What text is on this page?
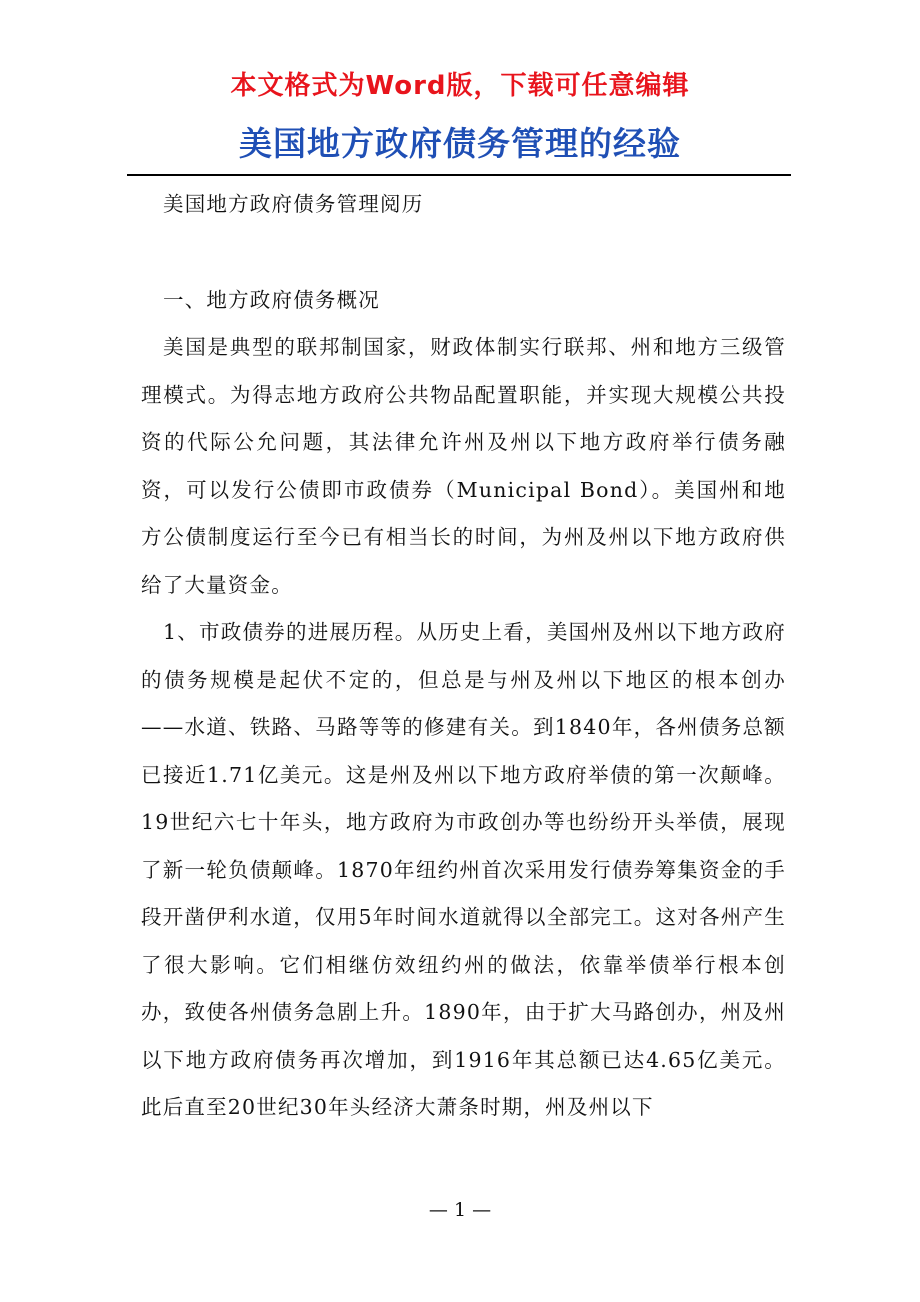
本文格式为Word版，下载可任意编辑
美国地方政府债务管理的经验

美国地方政府债务管理阅历

一、地方政府债务概况

美国是典型的联邦制国家，财政体制实行联邦、州和地方三级管理模式。为得志地方政府公共物品配置职能，并实现大规模公共投资的代际公允问题，其法律允许州及州以下地方政府举行债务融资，可以发行公债即市政债券（Municipal Bond）。美国州和地方公债制度运行至今已有相当长的时间，为州及州以下地方政府供给了大量资金。

1、市政债券的进展历程。从历史上看，美国州及州以下地方政府的债务规模是起伏不定的，但总是与州及州以下地区的根本创办——水道、铁路、马路等等的修建有关。到1840年，各州债务总额已接近1.71亿美元。这是州及州以下地方政府举债的第一次颠峰。19世纪六七十年头，地方政府为市政创办等也纷纷开头举债，展现了新一轮负债颠峰。1870年纽约州首次采用发行债券筹集资金的手段开凿伊利水道，仅用5年时间水道就得以全部完工。这对各州产生了很大影响。它们相继仿效纽约州的做法，依靠举债举行根本创办，致使各州债务急剧上升。1890年，由于扩大马路创办，州及州以下地方政府债务再次增加，到1916年其总额已达4.65亿美元。此后直至20世纪30年头经济大萧条时期，州及州以下

— 1 —
